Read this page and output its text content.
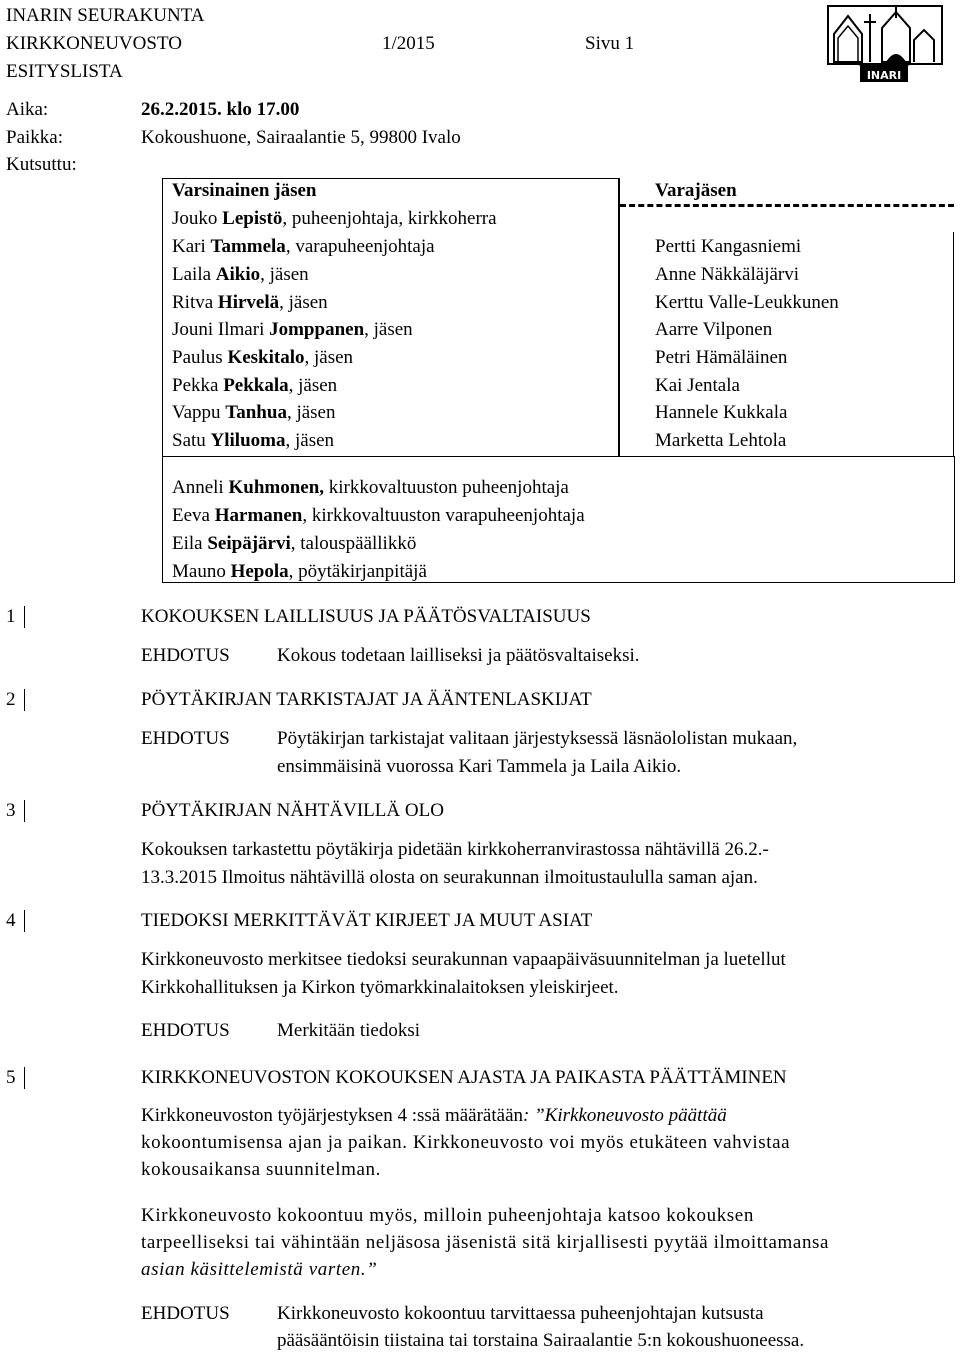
INARIN SEURAKUNTA
KIRKKONEUVOSTO	1/2015	Sivu 1
ESITYSLISTA	INARI
Aika:	26.2.2015. klo 17.00
Paikka:	Kokoushuone, Sairaalantie 5, 99800 Ivalo
Kutsuttu:
Varsinainen jäsen	Varajäsen
Jouko Lepistö, puheenjohtaja, kirkkoherra
Kari Tammela, varapuheenjohtaja	Pertti Kangasniemi
Laila Aikio, jäsen	Anne Näkkäläjärvi
Ritva Hirvelä, jäsen	Kerttu Valle-Leukkunen
Jouni Ilmari Jomppanen, jäsen	Aarre Vilponen
Paulus Keskitalo, jäsen	Petri Hämäläinen
Pekka Pekkala, jäsen	Kai Jentala
Vappu Tanhua, jäsen	Hannele Kukkala
Satu Yliluoma, jäsen	Marketta Lehtola
Anneli Kuhmonen, kirkkovaltuuston puheenjohtaja
Eeva Harmanen, kirkkovaltuuston varapuheenjohtaja
Eila Seipäjärvi, talouspäällikkö
Mauno Hepola, pöytäkirjanpitäjä
1	KOKOUKSEN LAILLISUUS JA PÄÄTÖSVALTAISUUS
EHDOTUS Kokous todetaan lailliseksi ja päätösvaltaiseksi.
2	PÖYTÄKIRJAN TARKISTAJAT JA ÄÄNTENLASKIJAT
EHDOTUS Pöytäkirjan tarkistajat valitaan järjestyksessä läsnäololistan mukaan,
ensimmäisinä vuorossa Kari Tammela ja Laila Aikio.
3	PÖYTÄKIRJAN NÄHTÄVILLÄ OLO
Kokouksen tarkastettu pöytäkirja pidetään kirkkoherranvirastossa nähtävillä 26.2.-
13.3.2015 Ilmoitus nähtävillä olosta on seurakunnan ilmoitustaululla saman ajan.
4	TIEDOKSI MERKITTÄVÄT KIRJEET JA MUUT ASIAT
Kirkkoneuvosto merkitsee tiedoksi seurakunnan vapaapäiväsuunnitelman ja luetellut
Kirkkohallituksen ja Kirkon työmarkkinalaitoksen yleiskirjeet.
EHDOTUS Merkitään tiedoksi
5	KIRKKONEUVOSTON KOKOUKSEN AJASTA JA PAIKASTA PÄÄTTÄMINEN
Kirkkoneuvoston työjärjestyksen 4 :ssä määrätään: ”Kirkkoneuvosto päättää
kokoontumisensa ajan ja paikan. Kirkkoneuvosto voi myös etukäteen vahvistaa
kokousaikansa suunnitelman.
Kirkkoneuvosto kokoontuu myös, milloin puheenjohtaja katsoo kokouksen
tarpeelliseksi tai vähintään neljäsosa jäsenistä sitä kirjallisesti pyytää ilmoittamansa
asian käsittelemistä varten.”
EHDOTUS Kirkkoneuvosto kokoontuu tarvittaessa puheenjohtajan kutsusta
pääsääntöisin tiistaina tai torstaina Sairaalantie 5:n kokoushuoneessa.
